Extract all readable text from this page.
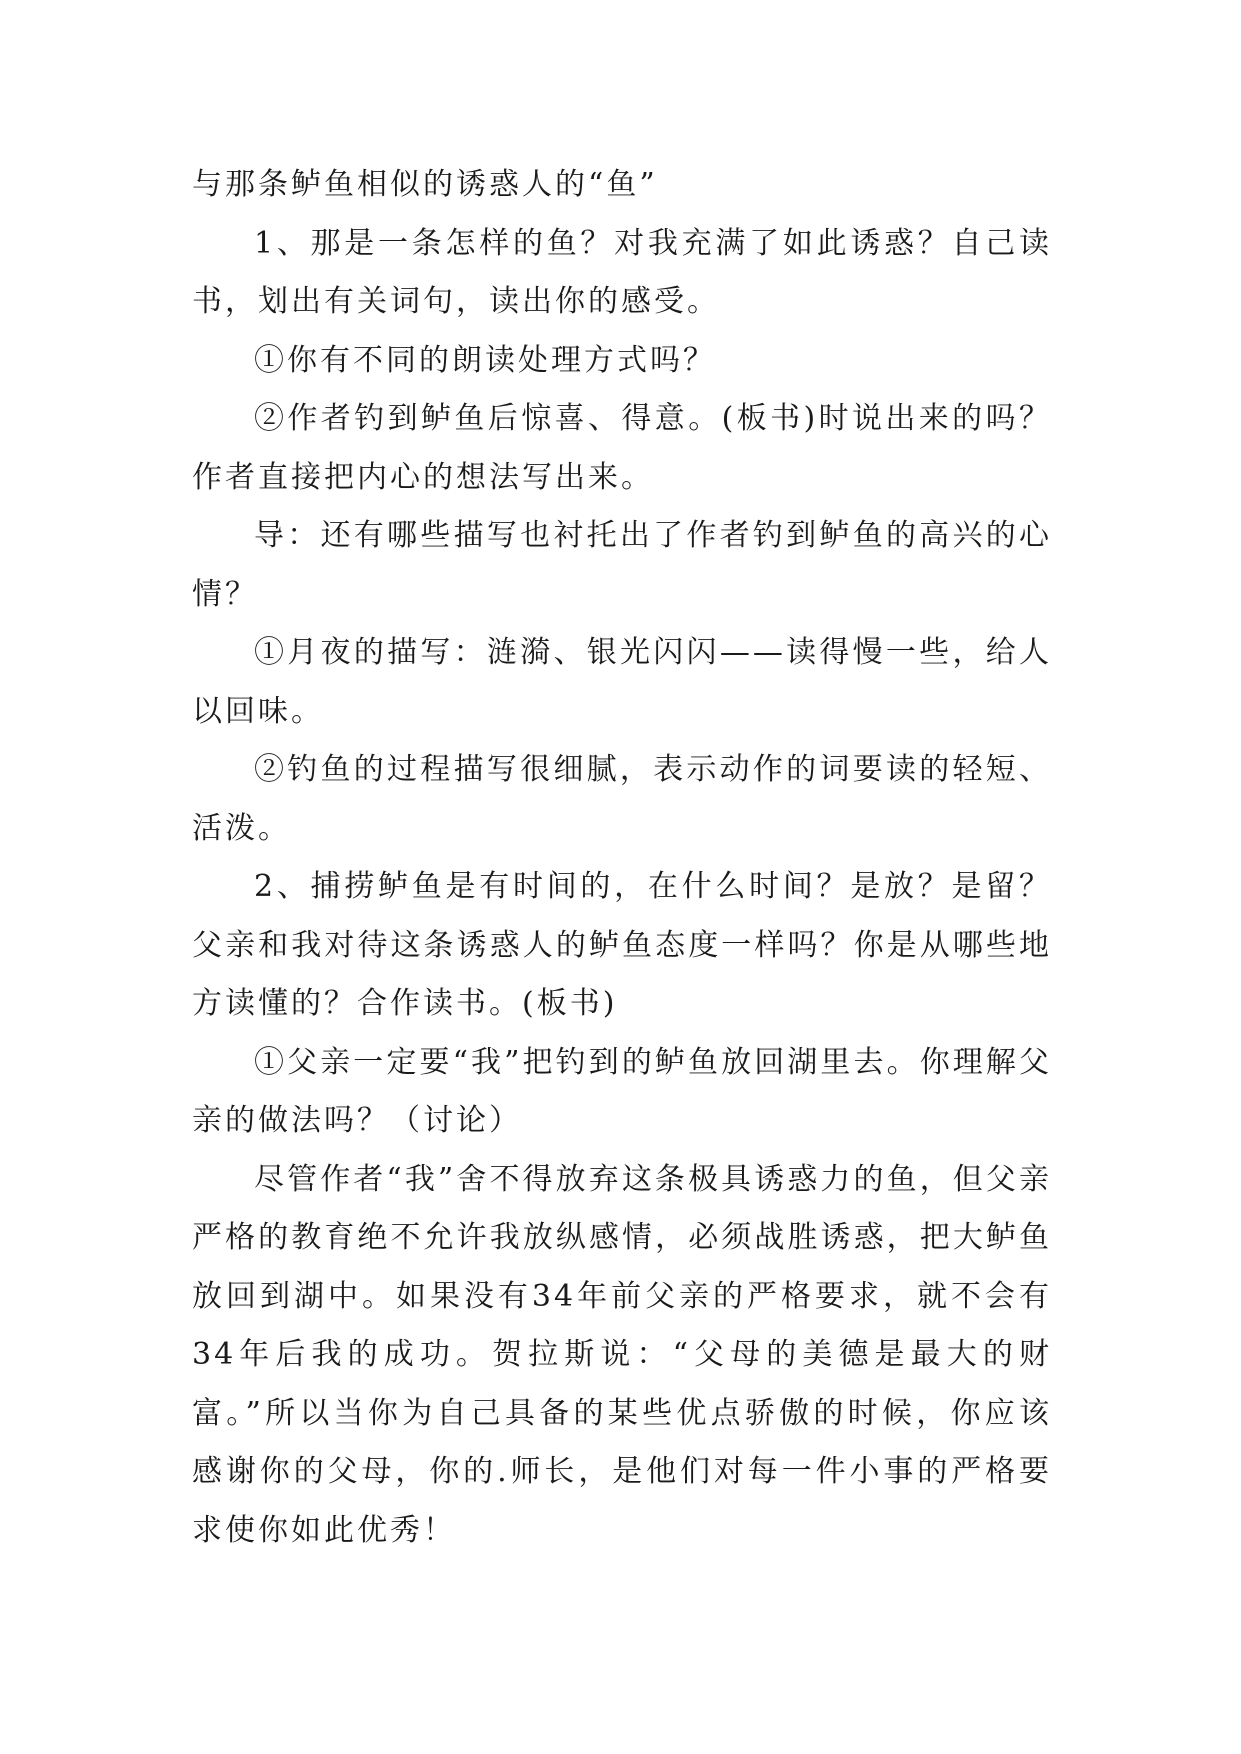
与那条鲈鱼相似的诱惑人的“鱼”

1、那是一条怎样的鱼？对我充满了如此诱惑？自己读书，划出有关词句，读出你的感受。

①你有不同的朗读处理方式吗？

②作者钓到鲈鱼后惊喜、得意。(板书)时说出来的吗？作者直接把内心的想法写出来。

导：还有哪些描写也衬托出了作者钓到鲈鱼的高兴的心情？

①月夜的描写：涟漪、银光闪闪——读得慢一些，给人以回味。

②钓鱼的过程描写很细腻，表示动作的词要读的轻短、活泼。

2、捕捞鲈鱼是有时间的，在什么时间？是放？是留？父亲和我对待这条诱惑人的鲈鱼态度一样吗？你是从哪些地方读懂的？合作读书。(板书)

①父亲一定要“我”把钓到的鲈鱼放回湖里去。你理解父亲的做法吗？（讨论）

尽管作者“我”舍不得放弃这条极具诱惑力的鱼，但父亲严格的教育绝不允许我放纵感情，必须战胜诱惑，把大鲈鱼放回到湖中。如果没有34年前父亲的严格要求，就不会有34年后我的成功。贺拉斯说：“父母的美德是最大的财富。”所以当你为自己具备的某些优点骄傲的时候，你应该感谢你的父母，你的.师长，是他们对每一件小事的严格要求使你如此优秀！
